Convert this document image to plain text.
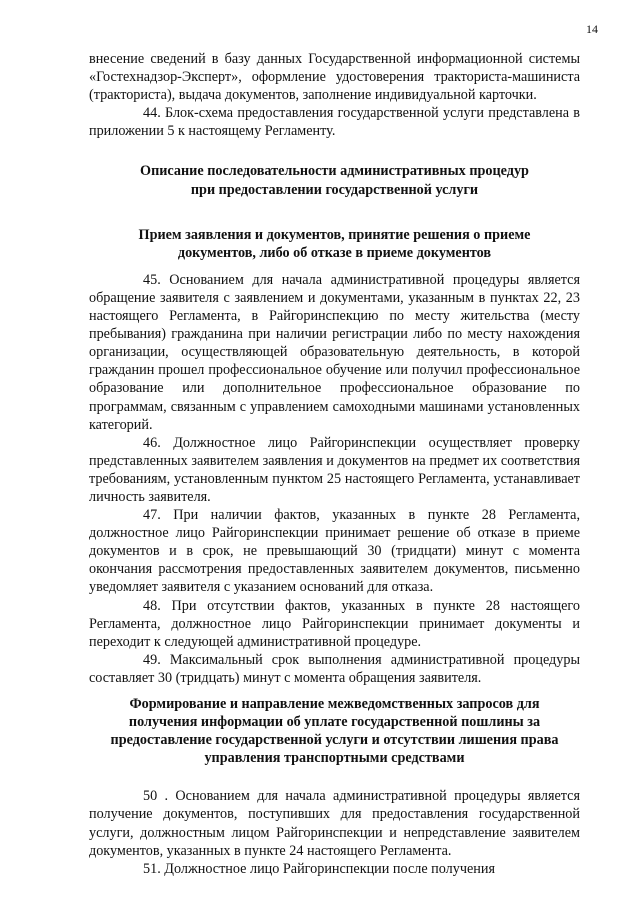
14

внесение сведений в базу данных Государственной информационной системы «Гостехнадзор-Эксперт», оформление удостоверения тракториста-машиниста (тракториста), выдача документов, заполнение индивидуальной карточки.

44. Блок-схема предоставления государственной услуги представлена в приложении 5 к настоящему Регламенту.

Описание последовательности административных процедур

при предоставлении государственной услуги

Прием заявления и документов, принятие решения о приеме

документов, либо об отказе в приеме документов

45. Основанием для начала административной процедуры является обращение заявителя с заявлением и документами, указанным в пунктах 22, 23 настоящего Регламента, в Райгоринспекцию по месту жительства (месту пребывания) гражданина при наличии регистрации либо по месту нахождения организации, осуществляющей образовательную деятельность, в которой гражданин прошел профессиональное обучение или получил профессиональное образование или дополнительное профессиональное образование по программам, связанным с управлением самоходными машинами установленных категорий.

46. Должностное лицо Райгоринспекции осуществляет проверку представленных заявителем заявления и документов на предмет их соответствия требованиям, установленным пунктом 25 настоящего Регламента, устанавливает личность заявителя.

47. При наличии фактов, указанных в пункте 28 Регламента, должностное лицо Райгоринспекции принимает решение об отказе в приеме документов и в срок, не превышающий 30 (тридцати) минут с момента окончания рассмотрения предоставленных заявителем документов, письменно уведомляет заявителя с указанием оснований для отказа.

48. При отсутствии фактов, указанных в пункте 28 настоящего Регламента, должностное лицо Райгоринспекции принимает документы и переходит к следующей административной процедуре.

49. Максимальный срок выполнения административной процедуры составляет 30 (тридцать) минут с момента обращения заявителя.

Формирование и направление межведомственных запросов для

получения информации об уплате государственной пошлины за

предоставление государственной услуги и отсутствии лишения права

управления транспортными средствами

50 . Основанием для начала административной процедуры является получение документов, поступивших для предоставления государственной услуги, должностным лицом Райгоринспекции и непредставление заявителем документов, указанных в пункте 24 настоящего Регламента.

51. Должностное лицо Райгоринспекции после получения
